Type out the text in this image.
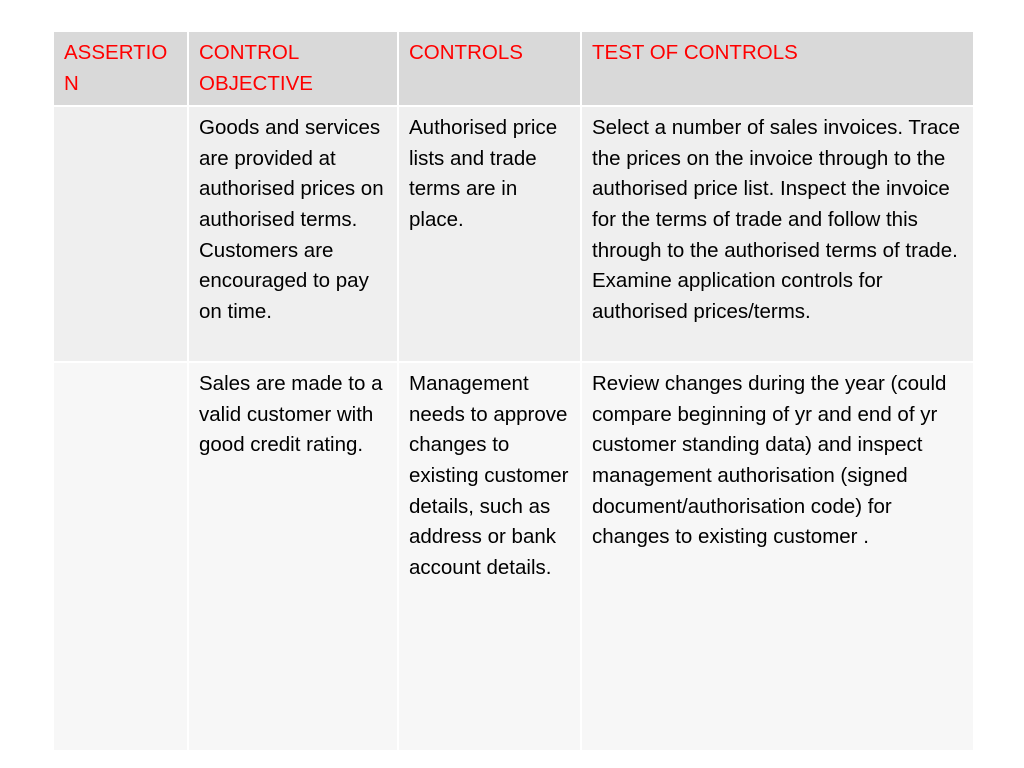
ASSERTION	CONTROL OBJECTIVE	CONTROLS	TEST OF CONTROLS
	Goods and services are provided at authorised prices on authorised terms. Customers are encouraged to pay on time.	Authorised price lists and trade terms are in place.	Select a number of sales invoices. Trace the prices on the invoice through to the authorised price list. Inspect the invoice for the terms of trade and follow this through to the authorised terms of trade. Examine application controls for authorised prices/terms.
	Sales are made to a valid customer with good credit rating.	Management needs to approve changes to existing customer details, such as address or bank account details.	Review changes during the year (could compare beginning of yr and end of yr customer standing data) and inspect management authorisation (signed document/authorisation code) for changes to existing customer .
